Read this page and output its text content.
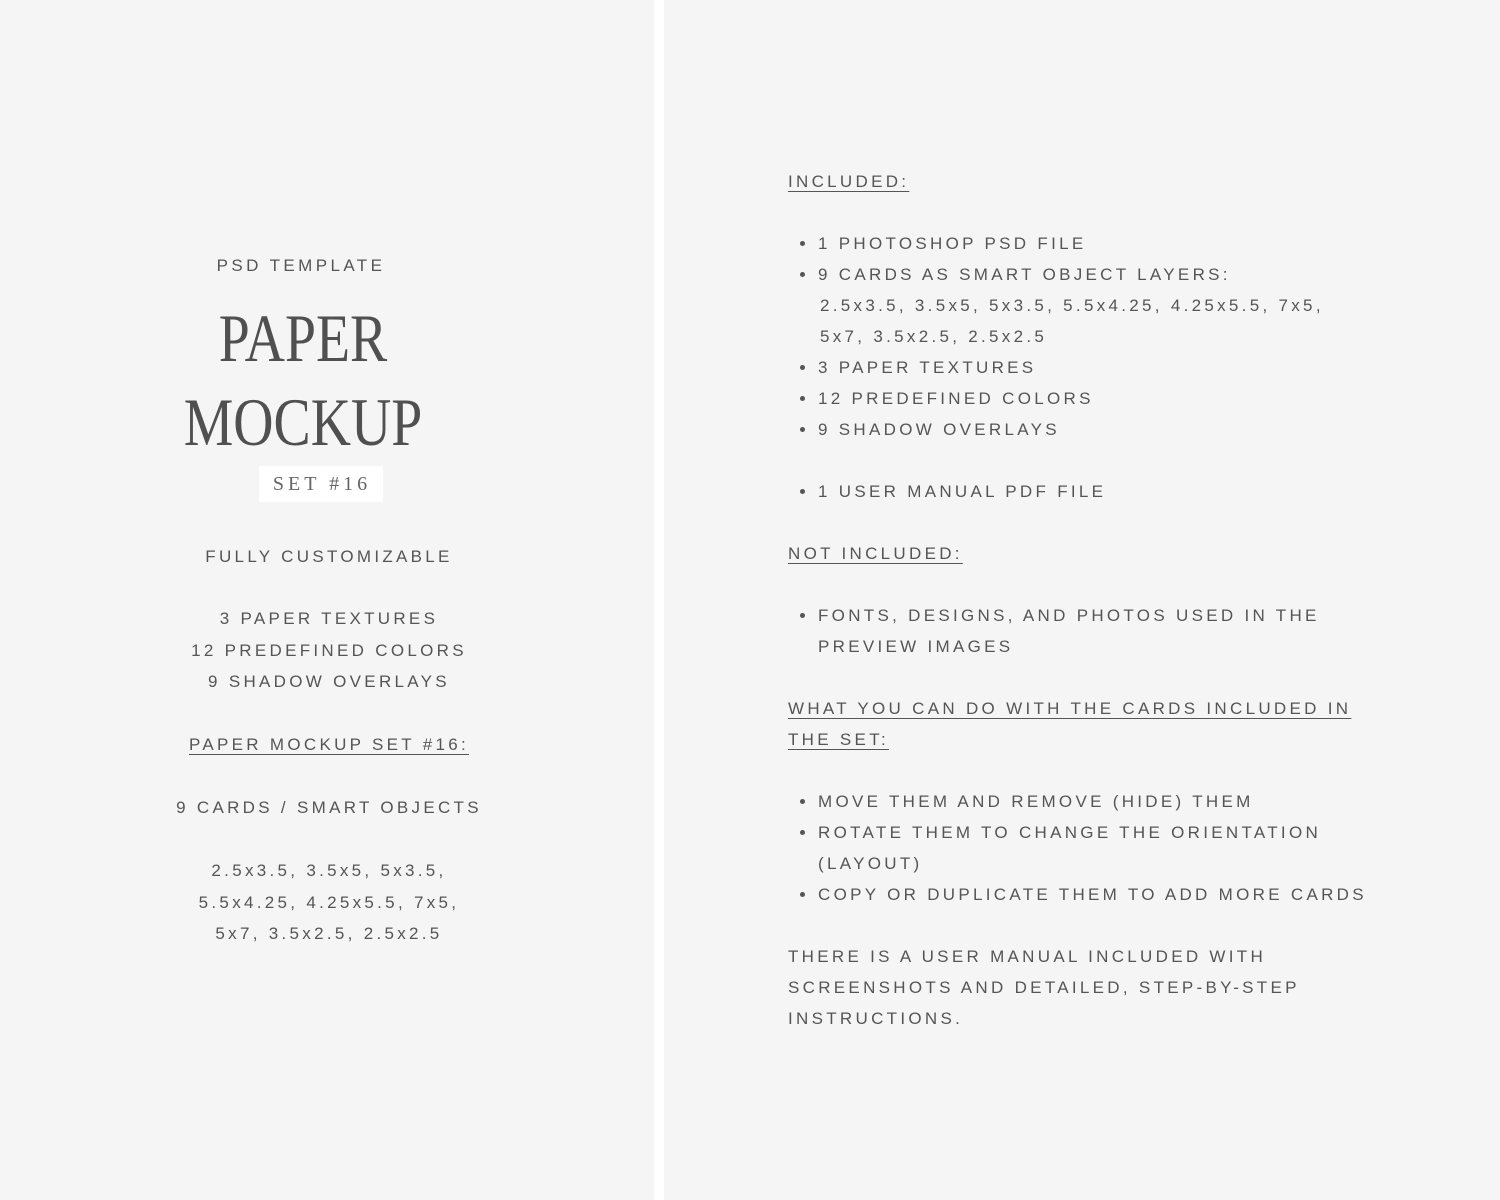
PSD TEMPLATE
PAPER
MOCKUP
SET #16
FULLY CUSTOMIZABLE
3 PAPER TEXTURES
12 PREDEFINED COLORS
9 SHADOW OVERLAYS
PAPER MOCKUP SET #16:
9 CARDS / SMART OBJECTS
2.5x3.5, 3.5x5, 5x3.5,
5.5x4.25, 4.25x5.5, 7x5,
5x7, 3.5x2.5, 2.5x2.5
INCLUDED:
1 PHOTOSHOP PSD FILE
9 CARDS AS SMART OBJECT LAYERS:
2.5x3.5, 3.5x5, 5x3.5, 5.5x4.25, 4.25x5.5, 7x5,
5x7, 3.5x2.5, 2.5x2.5
3 PAPER TEXTURES
12 PREDEFINED COLORS
9 SHADOW OVERLAYS
1 USER MANUAL PDF FILE
NOT INCLUDED:
FONTS, DESIGNS, AND PHOTOS USED IN THE
PREVIEW IMAGES
WHAT YOU CAN DO WITH THE CARDS INCLUDED IN
THE SET:
MOVE THEM AND REMOVE (HIDE) THEM
ROTATE THEM TO CHANGE THE ORIENTATION
(LAYOUT)
COPY OR DUPLICATE THEM TO ADD MORE CARDS
THERE IS A USER MANUAL INCLUDED WITH
SCREENSHOTS AND DETAILED, STEP-BY-STEP
INSTRUCTIONS.
